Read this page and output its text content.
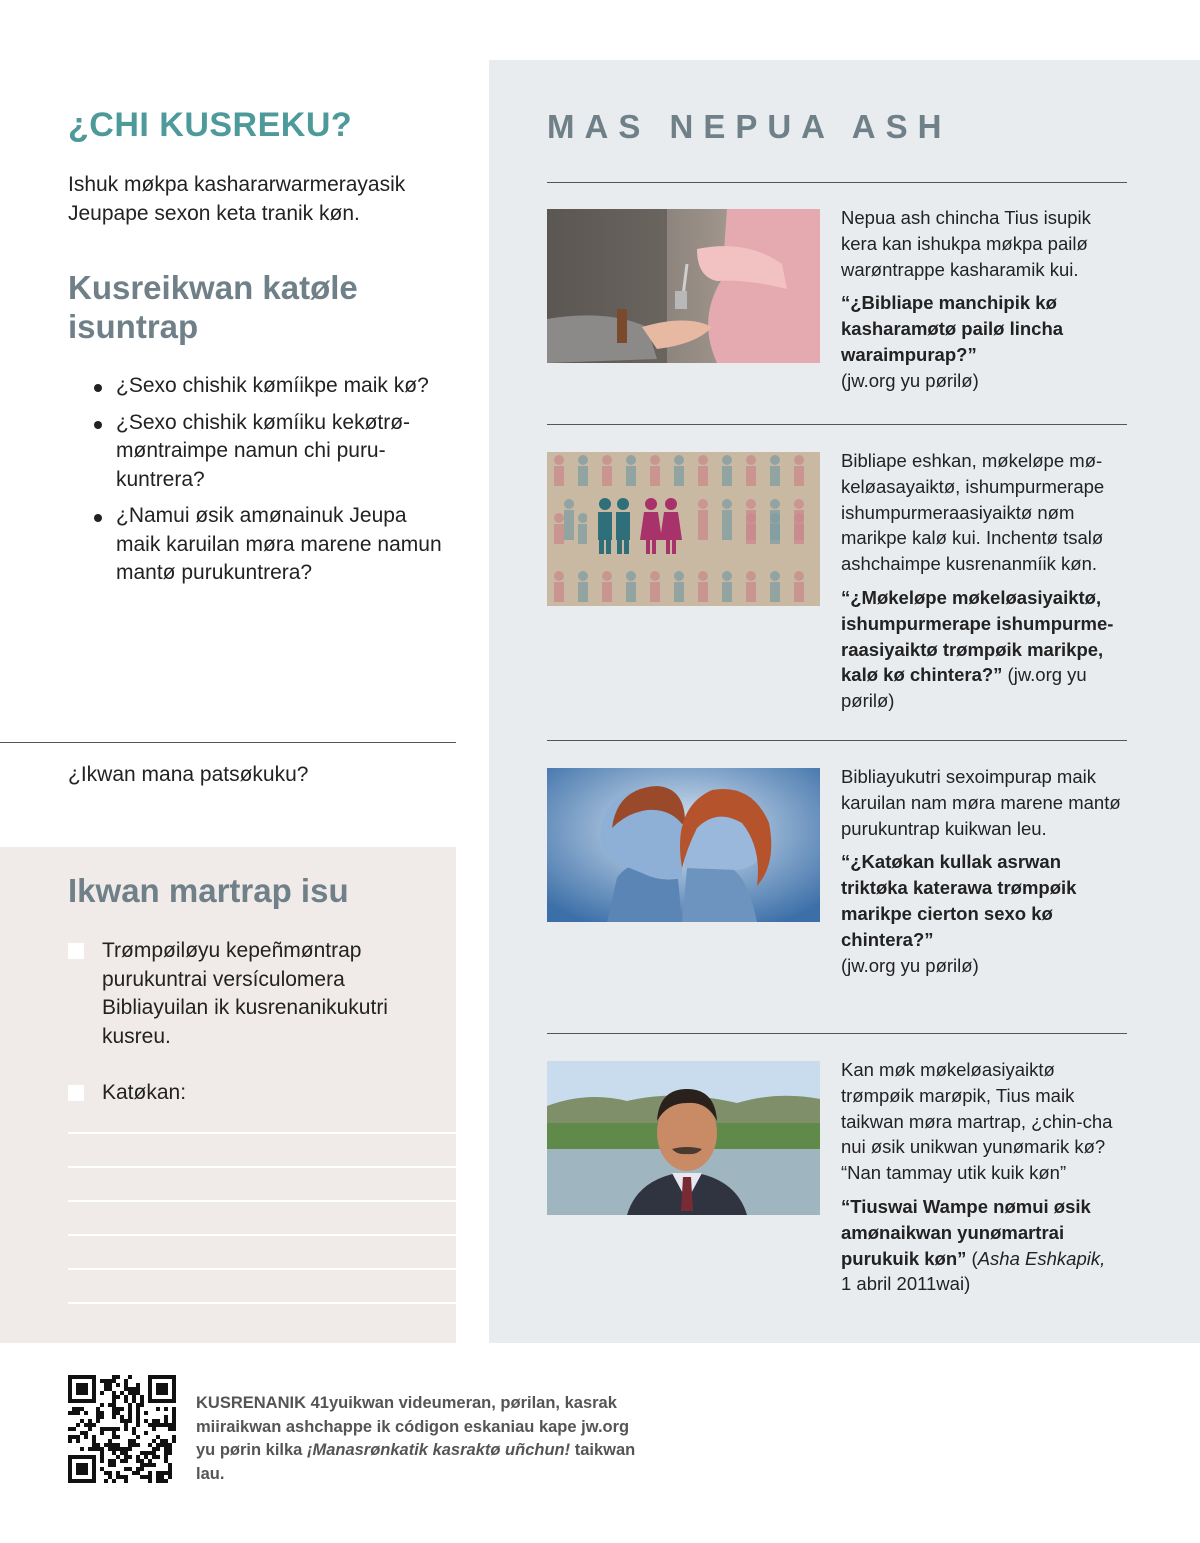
¿CHI KUSREKU?

Ishuk møkpa kashararwarmerayasik Jeupape sexon keta tranik køn.

Kusreikwan katøle
isuntrap
¿Sexo chishik kømíikpe maik kø?
¿Sexo chishik kømíiku kekøtrø-møntraimpe namun chi puru-kuntrera?
¿Namui øsik amønainuk Jeupa maik karuilan møra marene namun mantø purukuntrera?

¿Ikwan mana patsøkuku?

Ikwan martrap isu
Trømpøiløyu kepeñmøntrap purukuntrai versículomera Bibliayuilan ik kusrenanikukutri kusreu.
Katøkan:
MAS NEPUA ASH

Nepua ash chincha Tius isupik kera kan ishukpa møkpa pailø warøntrappe kasharamik kui.

“¿Bibliape manchipik kø kasharamøtø pailø lincha waraimpurap?”
(jw.org yu pørilø)

Bibliape eshkan, møkeløpe mø-keløasayaiktø, ishumpurmerape ishumpurmeraasiyaiktø nøm marikpe kalø kui. Inchentø tsalø ashchaimpe kusrenanmíik køn.

“¿Møkeløpe møkeløasiyaiktø, ishumpurmerape ishumpurme-raasiyaiktø trømpøik marikpe, kalø kø chintera?” (jw.org yu pørilø)

Bibliayukutri sexoimpurap maik karuilan nam møra marene mantø purukuntrap kuikwan leu.

“¿Katøkan kullak asrwan triktøka katerawa trømpøik marikpe cierton sexo kø chintera?”
(jw.org yu pørilø)

Kan møk møkeløasiyaiktø trømpøik marøpik, Tius maik taikwan møra martrap, ¿chin-cha nui øsik unikwan yunømarik kø? “Nan tammay utik kuik køn”

“Tiuswai Wampe nømui øsik amønaikwan yunømartrai purukuik køn” (Asha Eshkapik,
1 abril 2011wai)

KUSRENANIK 41yuikwan videumeran, pørilan, kasrak miiraikwan ashchappe ik códigon eskaniau kape jw.org yu pørin kilka ¡Manasrønkatik kasraktø uñchun! taikwan lau.
